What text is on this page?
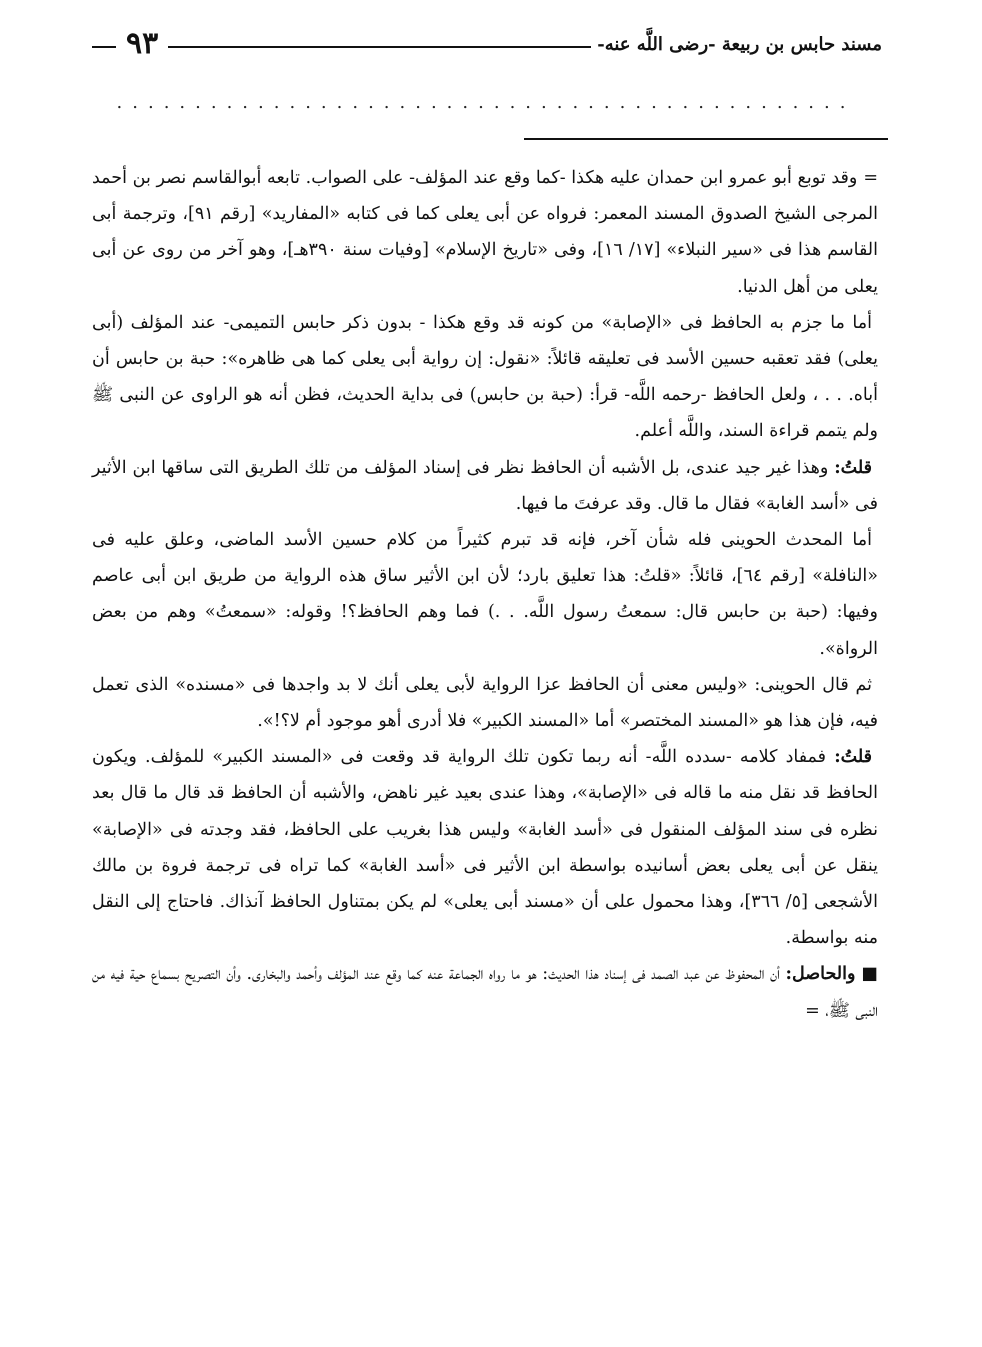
مسند حابس بن ربيعة -رضى اللَّه عنه-
٩٣
...............................................

=وقد توبع أبو عمرو ابن حمدان عليه هكذا -كما وقع عند المؤلف- على الصواب. تابعه أبوالقاسم نصر بن أحمد المرجى الشيخ الصدوق المسند المعمر: فرواه عن أبى يعلى كما فى كتابه «المفاريد» [رقم ٩١]، وترجمة أبى القاسم هذا فى «سير النبلاء» [١٧/ ١٦]، وفى «تاريخ الإسلام» [وفيات سنة ٣٩٠هـ]، وهو آخر من روى عن أبى يعلى من أهل الدنيا.

أما ما جزم به الحافظ فى «الإصابة» من كونه قد وقع هكذا - بدون ذكر حابس التميمى- عند المؤلف (أبى يعلى) فقد تعقبه حسين الأسد فى تعليقه قائلاً: «نقول: إن رواية أبى يعلى كما هى ظاهره»: حبة بن حابس أن أباه. . . ، ولعل الحافظ -رحمه اللَّه- قرأ: (حبة بن حابس) فى بداية الحديث، فظن أنه هو الراوى عن النبى ﷺ ولم يتمم قراءة السند، واللَّه أعلم.

قلتُ: وهذا غير جيد عندى، بل الأشبه أن الحافظ نظر فى إسناد المؤلف من تلك الطريق التى ساقها ابن الأثير فى «أسد الغابة» فقال ما قال. وقد عرفتَ ما فيها.

أما المحدث الحوينى فله شأن آخر، فإنه قد تبرم كثيراً من كلام حسين الأسد الماضى، وعلق عليه فى «النافلة» [رقم ٦٤]، قائلاً: «قلتُ: هذا تعليق بارد؛ لأن ابن الأثير ساق هذه الرواية من طريق ابن أبى عاصم وفيها: (حبة بن حابس قال: سمعتُ رسول اللَّه. . .) فما وهم الحافظ؟! وقوله: «سمعتُ» وهم من بعض الرواة».

ثم قال الحوينى: «وليس معنى أن الحافظ عزا الرواية لأبى يعلى أنك لا بد واجدها فى «مسنده» الذى تعمل فيه، فإن هذا هو «المسند المختصر» أما «المسند الكبير» فلا أدرى أهو موجود أم لا؟!».

قلتُ: فمفاد كلامه -سدده اللَّه- أنه ربما تكون تلك الرواية قد وقعت فى «المسند الكبير» للمؤلف. ويكون الحافظ قد نقل منه ما قاله فى «الإصابة»، وهذا عندى بعيد غير ناهض، والأشبه أن الحافظ قد قال ما قال بعد نظره فى سند المؤلف المنقول فى «أسد الغابة» وليس هذا بغريب على الحافظ، فقد وجدته فى «الإصابة» ينقل عن أبى يعلى بعض أسانيده بواسطة ابن الأثير فى «أسد الغابة» كما تراه فى ترجمة فروة بن مالك الأشجعى [٥/ ٣٦٦]، وهذا محمول على أن «مسند أبى يعلى» لم يكن بمتناول الحافظ آنذاك. فاحتاج إلى النقل منه بواسطة.

■والحاصل: أن المحفوظ عن عبد الصمد فى إسناد هذا الحديث: هو ما رواه الجماعة عنه كما وقع عند المؤلف وأحمد والبخارى. وأن التصريح بسماع حية فيه من النبى ﷺ، =
